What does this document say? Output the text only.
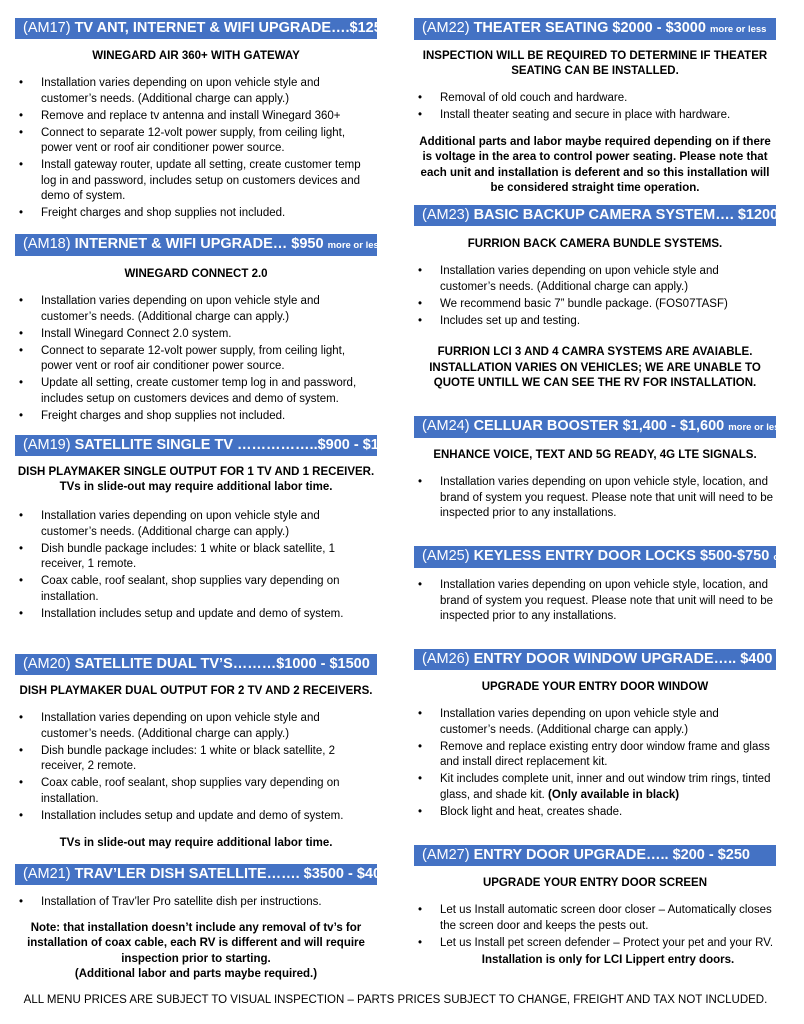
(AM17) TV ANT, INTERNET & WIFI UPGRADE….$1250
WINEGARD AIR 360+ WITH GATEWAY
• Installation varies depending on upon vehicle style and customer’s needs. (Additional charge can apply.)
• Remove and replace tv antenna and install Winegard 360+
• Connect to separate 12-volt power supply, from ceiling light, power vent or roof air conditioner power source.
• Install gateway router, update all setting, create customer temp log in and password, includes setup on customers devices and demo of system.
• Freight charges and shop supplies not included.
(AM18) INTERNET & WIFI UPGRADE… $950 more or less
WINEGARD CONNECT 2.0
• Installation varies depending on upon vehicle style and customer’s needs. (Additional charge can apply.)
• Install Winegard Connect 2.0 system.
• Connect to separate 12-volt power supply, from ceiling light, power vent or roof air conditioner power source.
• Update all setting, create customer temp log in and password, includes setup on customers devices and demo of system.
• Freight charges and shop supplies not included.
(AM19) SATELLITE SINGLE TV ……………..$900 - $1200
DISH PLAYMAKER SINGLE OUTPUT FOR 1 TV AND 1 RECEIVER.
TVs in slide-out may require additional labor time.
• Installation varies depending on upon vehicle style and customer’s needs. (Additional charge can apply.)
• Dish bundle package includes: 1 white or black satellite, 1 receiver, 1 remote.
• Coax cable, roof sealant, shop supplies vary depending on installation.
• Installation includes setup and update and demo of system.
(AM20) SATELLITE DUAL TV’S………$1000 - $1500
DISH PLAYMAKER DUAL OUTPUT FOR 2 TV AND 2 RECEIVERS.
• Installation varies depending on upon vehicle style and customer’s needs. (Additional charge can apply.)
• Dish bundle package includes: 1 white or black satellite, 2 receiver, 2 remote.
• Coax cable, roof sealant, shop supplies vary depending on installation.
• Installation includes setup and update and demo of system.
TVs in slide-out may require additional labor time.
(AM21) TRAV’LER DISH SATELLITE……. $3500 - $4000
• Installation of Trav’ler Pro satellite dish per instructions.
Note: that installation doesn’t include any removal of tv’s for
installation of coax cable, each RV is different and will require
inspection prior to starting.
(Additional labor and parts maybe required.)
(AM22) THEATER SEATING $2000 - $3000 more or less
INSPECTION WILL BE REQUIRED TO DETERMINE IF THEATER
SEATING CAN BE INSTALLED.
• Removal of old couch and hardware.
• Install theater seating and secure in place with hardware.
Additional parts and labor maybe required depending on if there
is voltage in the area to control power seating. Please note that
each unit and installation is deferent and so this installation will
be considered straight time operation.
(AM23) BASIC BACKUP CAMERA SYSTEM…. $1200.00
FURRION BACK CAMERA BUNDLE SYSTEMS.
• Installation varies depending on upon vehicle style and customer’s needs. (Additional charge can apply.)
• We recommend basic 7” bundle package. (FOS07TASF)
• Includes set up and testing.
FURRION LCI 3 AND 4 CAMRA SYSTEMS ARE AVAIABLE.
INSTALLATION VARIES ON VEHICLES; WE ARE UNABLE TO
QUOTE UNTILL WE CAN SEE THE RV FOR INSTALLATION.
(AM24) CELLUAR BOOSTER $1,400 - $1,600 more or less
ENHANCE VOICE, TEXT AND 5G READY, 4G LTE SIGNALS.
• Installation varies depending on upon vehicle style, location, and brand of system you request. Please note that unit will need to be inspected prior to any installations.
(AM25) KEYLESS ENTRY DOOR LOCKS $500-$750 or less
• Installation varies depending on upon vehicle style, location, and brand of system you request. Please note that unit will need to be inspected prior to any installations.
(AM26) ENTRY DOOR WINDOW UPGRADE….. $400
UPGRADE YOUR ENTRY DOOR WINDOW
• Installation varies depending on upon vehicle style and customer’s needs. (Additional charge can apply.)
• Remove and replace existing entry door window frame and glass and install direct replacement kit.
• Kit includes complete unit, inner and out window trim rings, tinted glass, and shade kit. (Only available in black)
• Block light and heat, creates shade.
(AM27) ENTRY DOOR UPGRADE….. $200 - $250
UPGRADE YOUR ENTRY DOOR SCREEN
• Let us Install automatic screen door closer – Automatically closes the screen door and keeps the pests out.
• Let us Install pet screen defender – Protect your pet and your RV.
Installation is only for LCI Lippert entry doors.
ALL MENU PRICES ARE SUBJECT TO VISUAL INSPECTION – PARTS PRICES SUBJECT TO CHANGE, FREIGHT AND TAX NOT INCLUDED.
